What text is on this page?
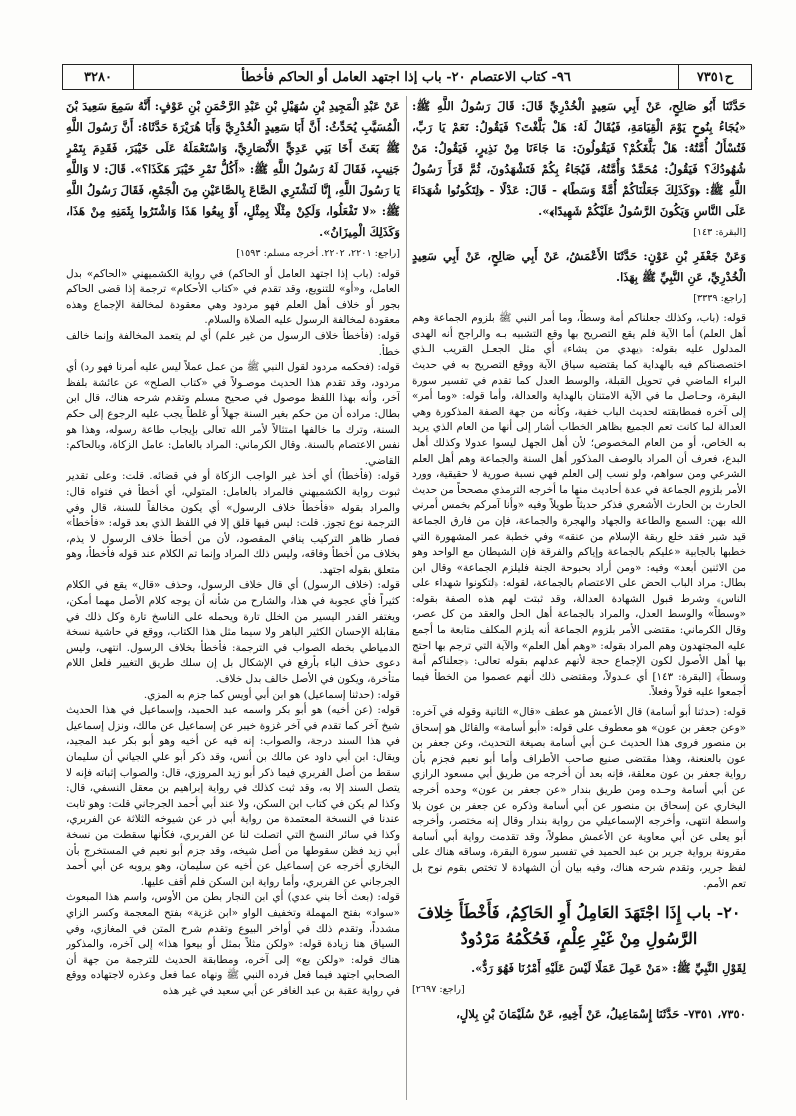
ح٧٣٥١
٩٦- كتاب الاعتصام ٢٠- باب إذا اجتهد العامل أو الحاكم فأخطأ
٣٢٨٠

حَدَّثَنَا أَبُو صَالِحٍ، عَنْ أَبِي سَعِيدٍ الْخُدْرِيِّ قَالَ: قَالَ رَسُولُ اللَّهِ ﷺ: «يُجَاءُ بِنُوحٍ يَوْمَ الْقِيَامَةِ، فَيُقَالُ لَهُ: هَلْ بَلَّغْتَ؟ فَيَقُولُ: نَعَمْ يَا رَبِّ، فَتُسْأَلُ أُمَّتُهُ: هَلْ بَلَّغَكُمْ؟ فَيَقُولُونَ: مَا جَاءَنَا مِنْ نَذِيرٍ، فَيَقُولُ: مَنْ شُهُودُكَ؟ فَيَقُولُ: مُحَمَّدٌ وَأُمَّتُهُ، فَيُجَاءُ بِكُمْ فَتَشْهَدُونَ، ثُمَّ قَرَأَ رَسُولُ اللَّهِ ﷺ: ﴿وَكَذَلِكَ جَعَلْنَاكُمْ أُمَّةً وَسَطًا﴾ - قَالَ: عَدْلًا - ﴿لِتَكُونُوا شُهَدَاءَ عَلَى النَّاسِ وَيَكُونَ الرَّسُولُ عَلَيْكُمْ شَهِيدًا﴾».

[البقرة: ١٤٣]

وَعَنْ جَعْفَرِ بْنِ عَوْنٍ: حَدَّثَنَا الأَعْمَشُ، عَنْ أَبِي صَالِحٍ، عَنْ أَبِي سَعِيدٍ الْخُدْرِيِّ، عَنِ النَّبِيِّ ﷺ بِهَذَا.

[راجع: ٣٣٣٩]

قوله: (باب، وكذلك جعلناكم أمة وسطاً، وما أمر النبي ﷺ بلزوم الجماعة وهم أهل العلم) أما الآية فلم يقع التصريح بها وقع التشبيه بـه والراجح أنه الهدى المدلول عليه بقوله: ﴿يهدي من يشاء﴾ أي مثل الجعـل القريب الـذي اختصصناكم فيه بالهداية كما يقتضيه سياق الآية ووقع التصريح به في حديث البراء الماضي في تحويل القبلة، والوسط العدل كما تقدم في تفسير سورة البقرة، وحـاصل ما في الآية الامتنان بالهداية والعدالة، وأما قوله: «وما أمر» إلى آخره فمطابقته لحديث الباب خفية، وكأنه من جهة الصفة المذكورة وهي العدالة لما كانت تعم الجميع بظاهر الخطاب أشار إلى أنها من العام الذي يريد به الخاص، أو من العام المخصوص؛ لأن أهل الجهل ليسوا عدولا وكذلك أهل البدع، فعرف أن المراد بالوصف المذكور أهل السنة والجماعة وهم أهل العلم الشرعي ومن سواهم، ولو نسب إلى العلم فهي نسبة صورية لا حقيقية، وورد الأمر بلزوم الجماعة في عدة أحاديث منها ما أخرجه الترمذي مصححاً من حديث الحارث بن الحارث الأشعري فذكر حديثاً طويلاً وفيه «وأنا آمركم بخمس أمرني الله بهن: السمع والطاعة والجهاد والهجرة والجماعة، فإن من فارق الجماعة قيد شبر فقد خلع ربقة الإسلام من عنقه» وفي خطبة عمر المشهورة التي خطبها بالجابية «عليكم بالجماعة وإياكم والفرقة فإن الشيطان مع الواحد وهو من الاثنين أبعد» وفيه: «ومن أراد بحبوحة الجنة فليلزم الجماعة» وقال ابن بطال: مراد الباب الحض على الاعتصام بالجماعة، لقوله: ﴿لتكونوا شهداء على الناس﴾ وشرط قبول الشهادة العدالة، وقد ثبتت لهم هذه الصفة بقوله: «وسطاً» والوسط العدل، والمراد بالجماعة أهل الحل والعقد من كل عصر، وقال الكرماني: مقتضى الأمر بلزوم الجماعة أنه يلزم المكلف متابعة ما أجمع عليه المجتهدون وهم المراد بقوله: «وهم أهل العلم» والآية التي ترجم بها احتج بها أهل الأصول لكون الإجماع حجة لأنهم عدلهم بقوله تعالى: ﴿جعلناكم أمة وسطاً﴾ [البقرة: ١٤٣] أي عـدولاً، ومقتضى ذلك أنهم عصموا من الخطأ فيما أجمعوا عليه قولاً وفعلاً.

قوله: (حدثنا أبو أسامة) قال الأعمش هو عطف «قال» الثانية وقوله في آخره: «وعن جعفر بن عون» هو معطوف على قوله: «أبو أسامة» والقائل هو إسحاق بن منصور فروى هذا الحديث عـن أبي أسامة بصيغة التحديث، وعن جعفر بن عون بالعنعنة، وهذا مقتضى صنيع صاحب الأطراف وأما أبو نعيم فجزم بأن رواية جعفر بن عون معلقة، فإنه بعد أن أخرجه من طريق أبي مسعود الرازي عن أبي أسامة وحـده ومن طريق بندار «عن جعفر بن عون» وحده أخرجه البخاري عن إسحاق بن منصور عن أبي أسامة وذكره عن جعفر بن عون بلا واسطة انتهى، وأخرجه الإسماعيلي من رواية بندار وقال إنه مختصر، وأخرجه أبو يعلى عن أبي معاوية عن الأعمش مطولاً، وقد تقدمت رواية أبي أسامة مقرونة برواية جرير بن عبد الحميد في تفسير سورة البقرة، وساقه هناك على لفظ جرير، وتقدم شرحه هناك، وفيه بيان أن الشهادة لا تختص بقوم نوح بل تعم الأمم.

٢٠- باب إِذَا اجْتَهَدَ العَامِلُ أَوِ الحَاكِمُ، فَأَخْطَأَ خِلافَ الرَّسُولِ مِنْ غَيْرِ عِلْمٍ، فَحُكْمُهُ مَرْدُودٌ

لِقَوْلِ النَّبِيِّ ﷺ: «مَنْ عَمِلَ عَمَلًا لَيْسَ عَلَيْهِ أَمْرُنَا فَهُوَ رَدٌّ».

[راجع: ٢٦٩٧]

٧٣٥٠، ٧٣٥١- حَدَّثَنَا إِسْمَاعِيلُ، عَنْ أَخِيهِ، عَنْ سُلَيْمَانَ بْنِ بِلالٍ،

عَنْ عَبْدِ الْمَجِيدِ بْنِ سُهَيْلِ بْنِ عَبْدِ الرَّحْمَنِ بْنِ عَوْفٍ: أَنَّهُ سَمِعَ سَعِيدَ بْنَ الْمُسَيَّبِ يُحَدِّثُ: أَنَّ أَبَا سَعِيدٍ الْخُدْرِيَّ وَأَبَا هُرَيْرَةَ حَدَّثَاهُ: أَنَّ رَسُولَ اللَّهِ ﷺ بَعَثَ أَخَا بَنِي عَدِيٍّ الأَنْصَارِيَّ، وَاسْتَعْمَلَهُ عَلَى خَيْبَرَ، فَقَدِمَ بِتَمْرٍ جَنِيبٍ، فَقَالَ لَهُ رَسُولُ اللَّهِ ﷺ: «أَكُلُّ تَمْرِ خَيْبَرَ هَكَذَا؟». قَالَ: لا وَاللَّهِ يَا رَسُولَ اللَّهِ، إِنَّا لَنَشْتَرِي الصَّاعَ بِالصَّاعَيْنِ مِنَ الْجَمْعِ، فَقَالَ رَسُولُ اللَّهِ ﷺ: «لا تَفْعَلُوا، وَلَكِنْ مِثْلًا بِمِثْلٍ، أَوْ بِيعُوا هَذَا وَاشْتَرُوا بِثَمَنِهِ مِنْ هَذَا، وَكَذَلِكَ الْمِيزَانُ».

[راجع: ٢٢٠١، ٢٢٠٢. أخرجه مسلم: ١٥٩٣]

قوله: (باب إذا اجتهد العامل أو الحاكم) في رواية الكشميهني «الحاكم» بدل العامل، و«أو» للتنويع، وقد تقدم في «كتاب الأحكام» ترجمة إذا قضى الحاكم بجور أو خلاف أهل العلم فهو مردود وهي معقودة لمخالفة الإجماع وهذه معقودة لمخالفة الرسول عليه الصلاة والسلام.
قوله: (فأخطأ خلاف الرسول من غير علم) أي لم يتعمد المخالفة وإنما خالف خطأ.
قوله: (فحكمه مردود لقول النبي ﷺ من عمل عملاً ليس عليه أمرنا فهو رد) أي مردود، وقد تقدم هذا الحديث موصـولاً في «كتاب الصلح» عن عائشة بلفظ آخر، وأنه بهذا اللفظ موصول في صحيح مسلم وتقدم شرحه هناك، قال ابن بطال: مراده أن من حكم بغير السنة جهلاً أو غلطاً يجب عليه الرجوع إلى حكم السنة، وترك ما خالفها امتثالاً لأمر الله تعالى بإيجاب طاعة رسوله، وهذا هو نفس الاعتصام بالسنة. وقال الكرماني: المراد بالعامل: عامل الزكاة، وبالحاكم: القاضي.
قوله: (فأخطأ) أي أخذ غير الواجب الزكاة أو في قضائه. قلت: وعلى تقدير ثبوت رواية الكشميهني فالمراد بالعامل: المتولي، أي أخطأ في فتواه قال: والمراد بقوله «فأخطأ خلاف الرسول» أي يكون مخالفاً للسنة، قال وفي الترجمة نوع تجوز. قلت: ليس فيها قلق إلا في اللفظ الذي بعد قوله: «فأخطأ» فصار ظاهر التركيب ينافي المقصود، لأن من أخطأ خلاف الرسول لا يذم، بخلاف من أخطأ وفاقه، وليس ذلك المراد وإنما تم الكلام عند قوله فأخطأ، وهو متعلق بقوله اجتهد.
قوله: (خلاف الرسول) أي قال خلاف الرسول، وحذف «قال» يقع في الكلام كثيراً فأي عجوبة في هذا، والشارح من شأنه أن يوجه كلام الأصل مهما أمكن، ويغتفر القدر اليسير من الخلل تارة ويحمله على الناسخ تارة وكل ذلك في مقابلة الإحسان الكثير الباهر ولا سيما مثل هذا الكتاب، ووقع في حاشية نسخة الدمياطي بخطه الصواب في الترجمة: فأخطأ بخلاف الرسول. انتهى، وليس دعوى حذف الباء بأرفع في الإشكال بل إن سلك طريق التغيير فلعل اللام متأخرة، ويكون في الأصل خالف بدل خلاف.
قوله: (حدثنا إسماعيل) هو ابن أبي أويس كما جزم به المزي.
قوله: (عن أخيه) هو أبو بكر واسمه عبد الحميد، وإسماعيل في هذا الحديث شيخ آخر كما تقدم في آخر غزوة خيبر عن إسماعيل عن مالك، ونزل إسماعيل في هذا السند درجة، والصواب: إنه فيه عن أخيه وهو أبو بكر عبد المجيد، ويقال: ابن أبي داود عن مالك بن أنس، وقد ذكر أبو علي الجياني أن سليمان سقط من أصل الفربري فيما ذكر أبو زيد المروزي، قال: والصواب إثباته فإنه لا يتصل السند إلا به، وقد ثبت كذلك في رواية إبراهيم بن معقل النسفي، قال: وكذا لم يكن في كتاب ابن السكن، ولا عند أبي أحمد الجرجاني قلت: وهو ثابت عندنا في النسخة المعتمدة من رواية أبي ذر عن شيوخه الثلاثة عن الفربري، وكذا في سائر النسخ التي اتصلت لنا عن الفربري، فكأنها سقطت من نسخة أبي زيد فظن سقوطها من أصل شيخه، وقد جزم أبو نعيم في المستخرج بأن البخاري أخرجه عن إسماعيل عن أخيه عن سليمان، وهو يرويه عن أبي أحمد الجرجاني عن الفربري، وأما رواية ابن السكن فلم أقف عليها.
قوله: (بعث أخا بني عدي) أي ابن النجار بطن من الأوس، واسم هذا المبعوث «سواد» بفتح المهملة وتخفيف الواو «ابن غزية» بفتح المعجمة وكسر الزاي مشدداً، وتقدم ذلك في أواخر البيوع وتقدم شرح المتن في المغازي، وفي السياق هنا زيادة قوله: «ولكن مثلاً بمثل أو بيعوا هذا» إلى آخره، والمذكور هناك قوله: «ولكن بع» إلى آخره، ومطابقة الحديث للترجمة من جهة أن الصحابي اجتهد فيما فعل فرده النبي ﷺ ونهاه عما فعل وعذره لاجتهاده ووقع في رواية عقبة بن عبد الغافر عن أبي سعيد في غير هذه
